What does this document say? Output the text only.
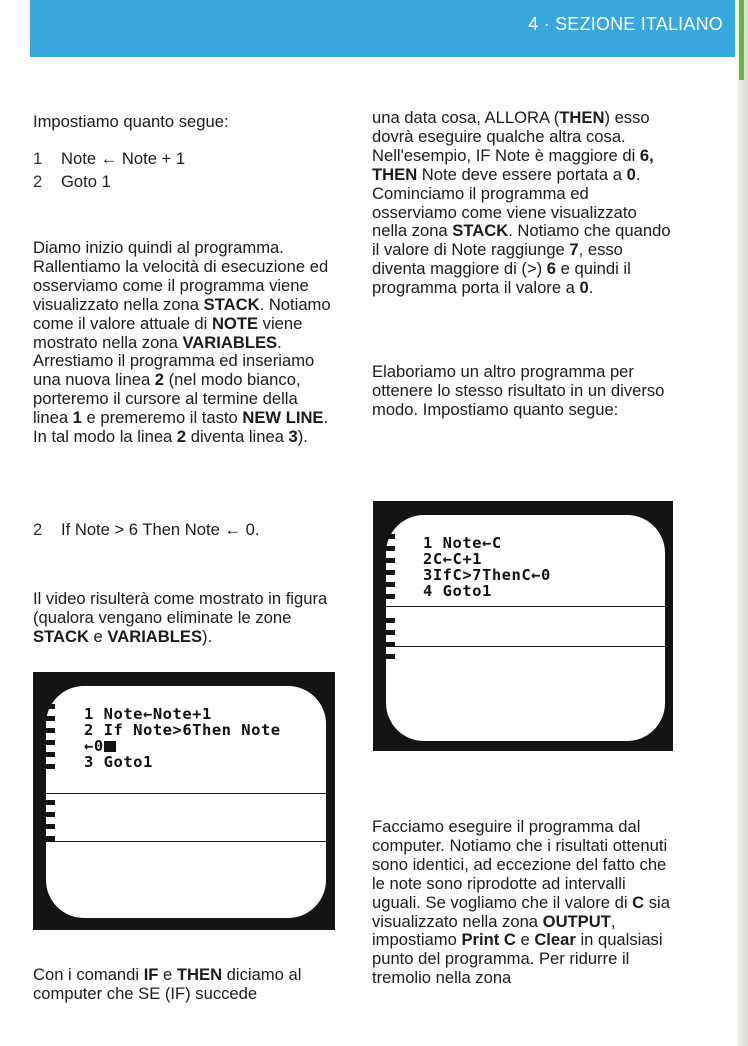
4 · SEZIONE ITALIANO

Impostiamo quanto segue:

1 Note ← Note + 1
2 Goto 1

Diamo inizio quindi al programma. Rallentiamo la velocità di esecuzione ed osserviamo come il programma viene visualizzato nella zona STACK. Notiamo come il valore attuale di NOTE viene mostrato nella zona VARIABLES. Arrestiamo il programma ed inseriamo una nuova linea 2 (nel modo bianco, porteremo il cursore al termine della linea 1 e premeremo il tasto NEW LINE. In tal modo la linea 2 diventa linea 3).

2 If Note > 6 Then Note ← 0.

Il video risulterà come mostrato in figura (qualora vengano eliminate le zone STACK e VARIABLES).

1 Note←Note+1
2 If Note>6Then Note
←0
3 Goto1

Con i comandi IF e THEN diciamo al computer che SE (IF) succede

una data cosa, ALLORA (THEN) esso dovrà eseguire qualche altra cosa. Nell'esempio, IF Note è maggiore di 6, THEN Note deve essere portata a 0. Cominciamo il programma ed osserviamo come viene visualizzato nella zona STACK. Notiamo che quando il valore di Note raggiunge 7, esso diventa maggiore di (>) 6 e quindi il programma porta il valore a 0.

Elaboriamo un altro programma per ottenere lo stesso risultato in un diverso modo. Impostiamo quanto segue:

1 Note←C
2C←C+1
3IfC>7ThenC←0
4 Goto1

Facciamo eseguire il programma dal computer. Notiamo che i risultati ottenuti sono identici, ad eccezione del fatto che le note sono riprodotte ad intervalli uguali. Se vogliamo che il valore di C sia visualizzato nella zona OUTPUT, impostiamo Print C e Clear in qualsiasi punto del programma. Per ridurre il tremolio nella zona
